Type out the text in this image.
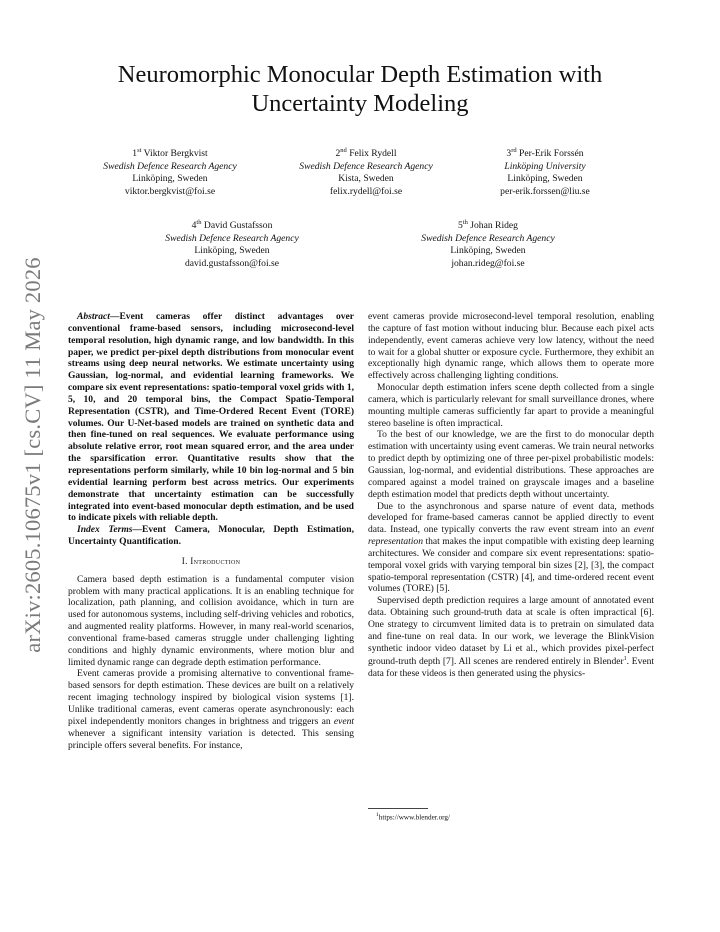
arXiv:2605.10675v1 [cs.CV] 11 May 2026
Neuromorphic Monocular Depth Estimation with
Uncertainty Modeling
1st Viktor Bergkvist
Swedish Defence Research Agency
Linköping, Sweden
viktor.bergkvist@foi.se
2nd Felix Rydell
Swedish Defence Research Agency
Kista, Sweden
felix.rydell@foi.se
3rd Per-Erik Forssén
Linköping University
Linköping, Sweden
per-erik.forssen@liu.se
4th David Gustafsson
Swedish Defence Research Agency
Linköping, Sweden
david.gustafsson@foi.se
5th Johan Rideg
Swedish Defence Research Agency
Linköping, Sweden
johan.rideg@foi.se

Abstract—Event cameras offer distinct advantages over conventional frame-based sensors, including microsecond-level temporal resolution, high dynamic range, and low bandwidth. In this paper, we predict per-pixel depth distributions from monocular event streams using deep neural networks. We estimate uncertainty using Gaussian, log-normal, and evidential learning frameworks. We compare six event representations: spatio-temporal voxel grids with 1, 5, 10, and 20 temporal bins, the Compact Spatio-Temporal Representation (CSTR), and Time-Ordered Recent Event (TORE) volumes. Our U-Net-based models are trained on synthetic data and then fine-tuned on real sequences. We evaluate performance using absolute relative error, root mean squared error, and the area under the sparsification error. Quantitative results show that the representations perform similarly, while 10 bin log-normal and 5 bin evidential learning perform best across metrics. Our experiments demonstrate that uncertainty estimation can be successfully integrated into event-based monocular depth estimation, and be used to indicate pixels with reliable depth.

Index Terms—Event Camera, Monocular, Depth Estimation, Uncertainty Quantification.

I. Introduction

Camera based depth estimation is a fundamental computer vision problem with many practical applications. It is an enabling technique for localization, path planning, and collision avoidance, which in turn are used for autonomous systems, including self-driving vehicles and robotics, and augmented reality platforms. However, in many real-world scenarios, conventional frame-based cameras struggle under challenging lighting conditions and highly dynamic environments, where motion blur and limited dynamic range can degrade depth estimation performance.

Event cameras provide a promising alternative to conventional frame-based sensors for depth estimation. These devices are built on a relatively recent imaging technology inspired by biological vision systems [1]. Unlike traditional cameras, event cameras operate asynchronously: each pixel independently monitors changes in brightness and triggers an event whenever a significant intensity variation is detected. This sensing principle offers several benefits. For instance,

event cameras provide microsecond-level temporal resolution, enabling the capture of fast motion without inducing blur. Because each pixel acts independently, event cameras achieve very low latency, without the need to wait for a global shutter or exposure cycle. Furthermore, they exhibit an exceptionally high dynamic range, which allows them to operate more effectively across challenging lighting conditions.

Monocular depth estimation infers scene depth collected from a single camera, which is particularly relevant for small surveillance drones, where mounting multiple cameras sufficiently far apart to provide a meaningful stereo baseline is often impractical.

To the best of our knowledge, we are the first to do monocular depth estimation with uncertainty using event cameras. We train neural networks to predict depth by optimizing one of three per-pixel probabilistic models: Gaussian, log-normal, and evidential distributions. These approaches are compared against a model trained on grayscale images and a baseline depth estimation model that predicts depth without uncertainty.

Due to the asynchronous and sparse nature of event data, methods developed for frame-based cameras cannot be applied directly to event data. Instead, one typically converts the raw event stream into an event representation that makes the input compatible with existing deep learning architectures. We consider and compare six event representations: spatio-temporal voxel grids with varying temporal bin sizes [2], [3], the compact spatio-temporal representation (CSTR) [4], and time-ordered recent event volumes (TORE) [5].

Supervised depth prediction requires a large amount of annotated event data. Obtaining such ground-truth data at scale is often impractical [6]. One strategy to circumvent limited data is to pretrain on simulated data and fine-tune on real data. In our work, we leverage the BlinkVision synthetic indoor video dataset by Li et al., which provides pixel-perfect ground-truth depth [7]. All scenes are rendered entirely in Blender$^1$. Event data for these videos is then generated using the physics-

$^1$https://www.blender.org/
